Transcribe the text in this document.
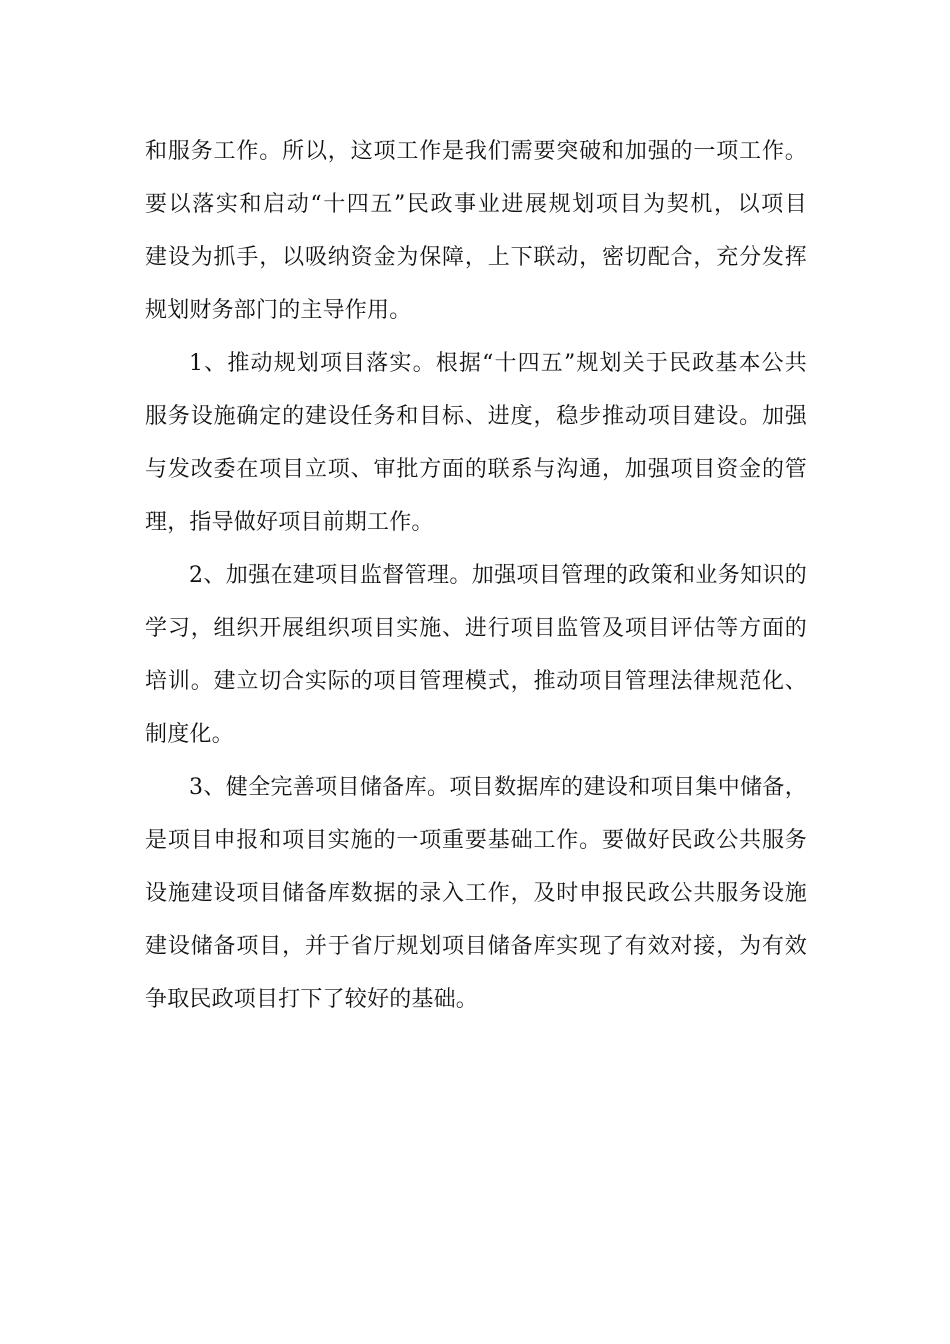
和服务工作。所以，这项工作是我们需要突破和加强的一项工作。
要以落实和启动“十四五”民政事业进展规划项目为契机，以项目
建设为抓手，以吸纳资金为保障，上下联动，密切配合，充分发挥
规划财务部门的主导作用。
1、推动规划项目落实。根据“十四五”规划关于民政基本公共
服务设施确定的建设任务和目标、进度，稳步推动项目建设。加强
与发改委在项目立项、审批方面的联系与沟通，加强项目资金的管
理，指导做好项目前期工作。
2、加强在建项目监督管理。加强项目管理的政策和业务知识的
学习，组织开展组织项目实施、进行项目监管及项目评估等方面的
培训。建立切合实际的项目管理模式，推动项目管理法律规范化、
制度化。
3、健全完善项目储备库。项目数据库的建设和项目集中储备，
是项目申报和项目实施的一项重要基础工作。要做好民政公共服务
设施建设项目储备库数据的录入工作，及时申报民政公共服务设施
建设储备项目，并于省厅规划项目储备库实现了有效对接，为有效
争取民政项目打下了较好的基础。
